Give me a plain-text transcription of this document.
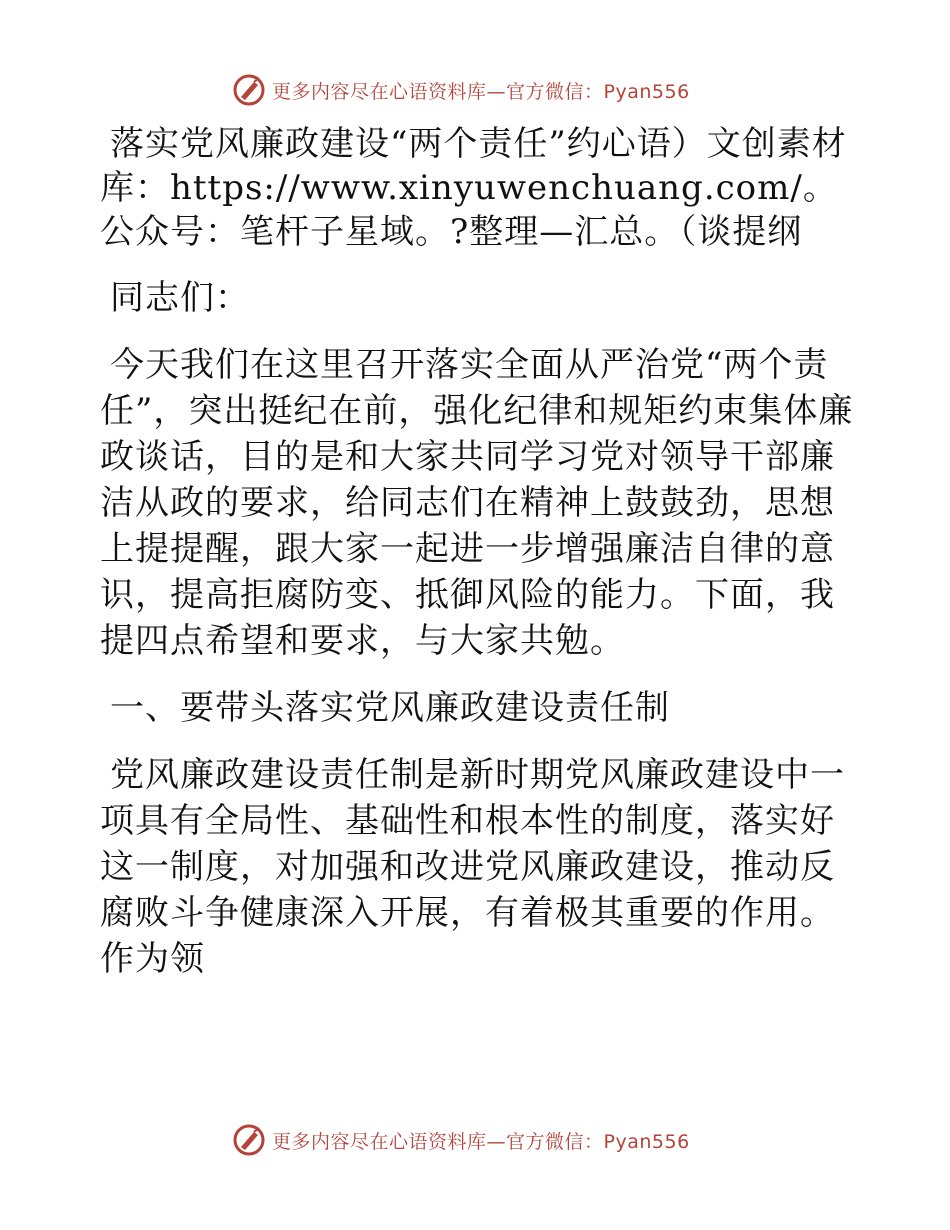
更多内容尽在心语资料库—官方微信：Pyan556

落实党风廉政建设“两个责任”约心语）文创素材库：https://www.xinyuwenchuang.com/。公众号：笔杆子星域。?整理—汇总。（谈提纲

同志们：

今天我们在这里召开落实全面从严治党“两个责任”，突出挺纪在前，强化纪律和规矩约束集体廉政谈话，目的是和大家共同学习党对领导干部廉洁从政的要求，给同志们在精神上鼓鼓劲，思想上提提醒，跟大家一起进一步增强廉洁自律的意识，提高拒腐防变、抵御风险的能力。下面，我提四点希望和要求，与大家共勉。

一、要带头落实党风廉政建设责任制

党风廉政建设责任制是新时期党风廉政建设中一项具有全局性、基础性和根本性的制度，落实好这一制度，对加强和改进党风廉政建设，推动反腐败斗争健康深入开展，有着极其重要的作用。作为领

更多内容尽在心语资料库—官方微信：Pyan556
